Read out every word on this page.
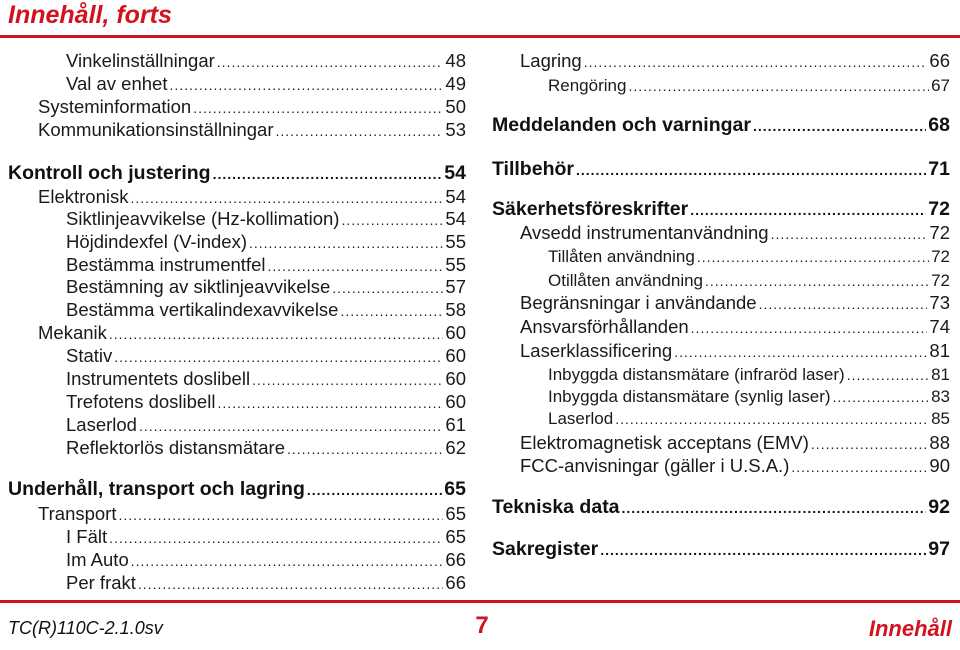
Innehåll, forts
Vinkelinställningar .....	48
Val av enhet .....	49
Systeminformation .....	50
Kommunikationsinställningar .....	53
Kontroll och justering .....	54
Elektronisk .....	54
Siktlinjeavvikelse (Hz-kollimation) .....	54
Höjdindexfel (V-index) .....	55
Bestämma instrumentfel .....	55
Bestämning av siktlinjeavvikelse .....	57
Bestämma vertikalindexavvikelse .....	58
Mekanik .....	60
Stativ .....	60
Instrumentets doslibell .....	60
Trefotens doslibell .....	60
Laserlod .....	61
Reflektorlös distansmätare .....	62
Underhåll, transport och lagring .....	65
Transport .....	65
I Fält .....	65
Im Auto .....	66
Per frakt .....	66
Lagring .....	66
Rengöring .....	67
Meddelanden och varningar .....	68
Tillbehör .....	71
Säkerhetsföreskrifter .....	72
Avsedd instrumentanvändning .....	72
Tillåten användning .....	72
Otillåten användning .....	72
Begränsningar i användande .....	73
Ansvarsförhållanden .....	74
Laserklassificering .....	81
Inbyggda distansmätare (infraröd laser) .....	81
Inbyggda distansmätare (synlig laser) .....	83
Laserlod .....	85
Elektromagnetisk acceptans (EMV) .....	88
FCC-anvisningar (gäller i U.S.A.) .....	90
Tekniska data .....	92
Sakregister .....	97
TC(R)110C-2.1.0sv	7	Innehåll
